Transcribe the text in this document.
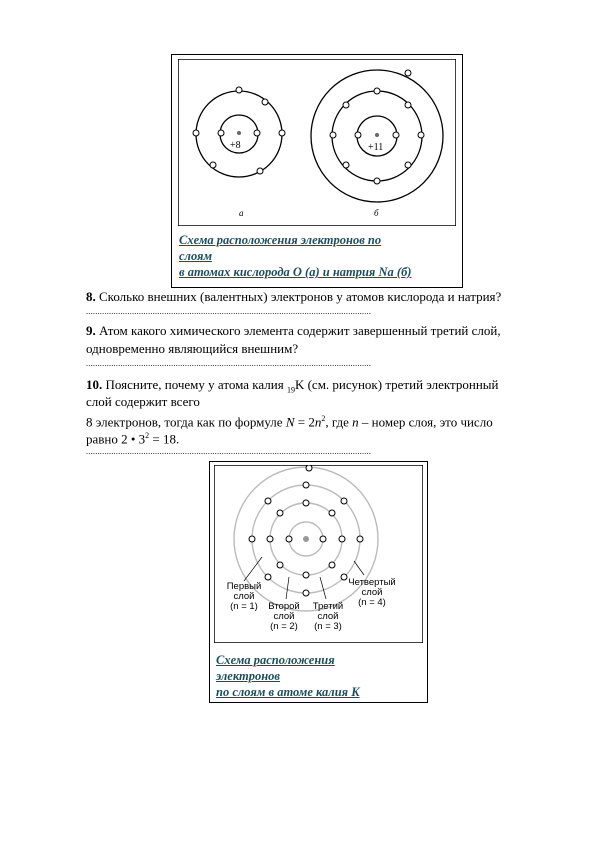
+8
а
+11
б
Схема расположения электронов по
слоям
в атомах кислорода O (а) и натрия Na (б)
8. Сколько внешних (валентных) электронов у атомов кислорода и натрия?
............................................................................................................................
9. Атом какого химического элемента содержит завершенный третий слой,
одновременно являющийся внешним?
............................................................................................................................
10. Поясните, почему у атома калия $_{19}$K (см. рисунок) третий электронный
слой содержит всего
8 электронов, тогда как по формуле $N = 2n^2$, где n – номер слоя, это число
равно 2 • $3^2 = 18$.
............................................................................................................................
Первый
слой
(n = 1) Второй
слой
(n = 2)
Третий
слой
(n = 3)
Четвертый
слой
(n = 4)
Схема расположения
электронов
по слоям в атоме калия K
